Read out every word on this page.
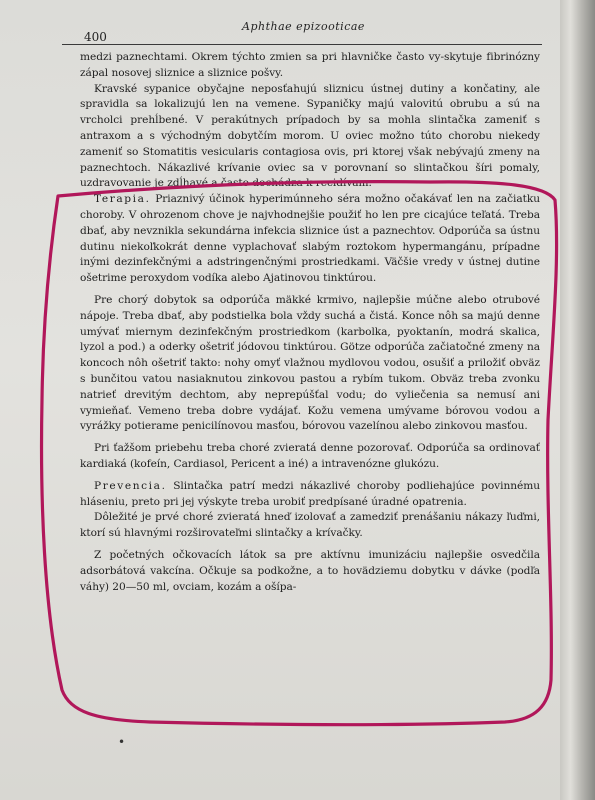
400
Aphthae epizooticae

medzi paznechtami. Okrem týchto zmien sa pri hlavničke často vy-skytuje fibrinózny zápal nosovej sliznice a sliznice pošvy.

Kravské sypanice obyčajne neposťahujú sliznicu ústnej dutiny a končatiny, ale spravidla sa lokalizujú len na vemene. Sypaničky majú valovitú obrubu a sú na vrcholci prehĺbené. V perakútnych prípadoch by sa mohla slintačka zameniť s antraxom a s východným dobytčím morom. U oviec možno túto chorobu niekedy zameniť so Stomatitis vesicularis contagiosa ovis, pri ktorej však nebývajú zmeny na paznechtoch. Nákazlivé krívanie oviec sa v porovnaní so slintačkou šíri pomaly, uzdravovanie je zdĺhavé a často dochádza k recidívam.

Terapia. Priaznivý účinok hyperimúnneho séra možno očakávať len na začiatku choroby. V ohrozenom chove je najvhodnejšie použiť ho len pre cicajúce teľatá. Treba dbať, aby nevznikla sekundárna infekcia sliznice úst a paznechtov. Odporúča sa ústnu dutinu niekoľkokrát denne vyplachovať slabým roztokom hypermangánu, prípadne inými dezinfekčnými a adstringenčnými prostriedkami. Väčšie vredy v ústnej dutine ošetrime peroxydom vodíka alebo Ajatinovou tinktúrou.

Pre chorý dobytok sa odporúča mäkké krmivo, najlepšie múčne alebo otrubové nápoje. Treba dbať, aby podstielka bola vždy suchá a čistá. Konce nôh sa majú denne umývať miernym dezinfekčným prostriedkom (karbolka, pyoktanín, modrá skalica, lyzol a pod.) a oderky ošetriť jódovou tinktúrou. Götze odporúča začiatočné zmeny na koncoch nôh ošetriť takto: nohy omyť vlažnou mydlovou vodou, osušiť a priložiť obväz s bunčitou vatou nasiaknutou zinkovou pastou a rybím tukom. Obväz treba zvonku natrieť drevitým dechtom, aby neprepúšťal vodu; do vyliečenia sa nemusí ani vymieňať. Vemeno treba dobre vydájať. Kožu vemena umývame bórovou vodou a vyrážky potierame penicilínovou masťou, bórovou vazelínou alebo zinkovou masťou.

Pri ťažšom priebehu treba choré zvieratá denne pozorovať. Odporúča sa ordinovať kardiaká (kofeín, Cardiasol, Pericent a iné) a intravenózne glukózu.

Prevencia. Slintačka patrí medzi nákazlivé choroby podliehajúce povinnému hláseniu, preto pri jej výskyte treba urobiť predpísané úradné opatrenia.

Dôležité je prvé choré zvieratá hneď izolovať a zamedziť prenášaniu nákazy ľuďmi, ktorí sú hlavnými rozširovateľmi slintačky a krívačky.

Z početných očkovacích látok sa pre aktívnu imunizáciu najlepšie osvedčila adsorbátová vakcína. Očkuje sa podkožne, a to hovädziemu dobytku v dávke (podľa váhy) 20—50 ml, ovciam, kozám a ošípa-

•
